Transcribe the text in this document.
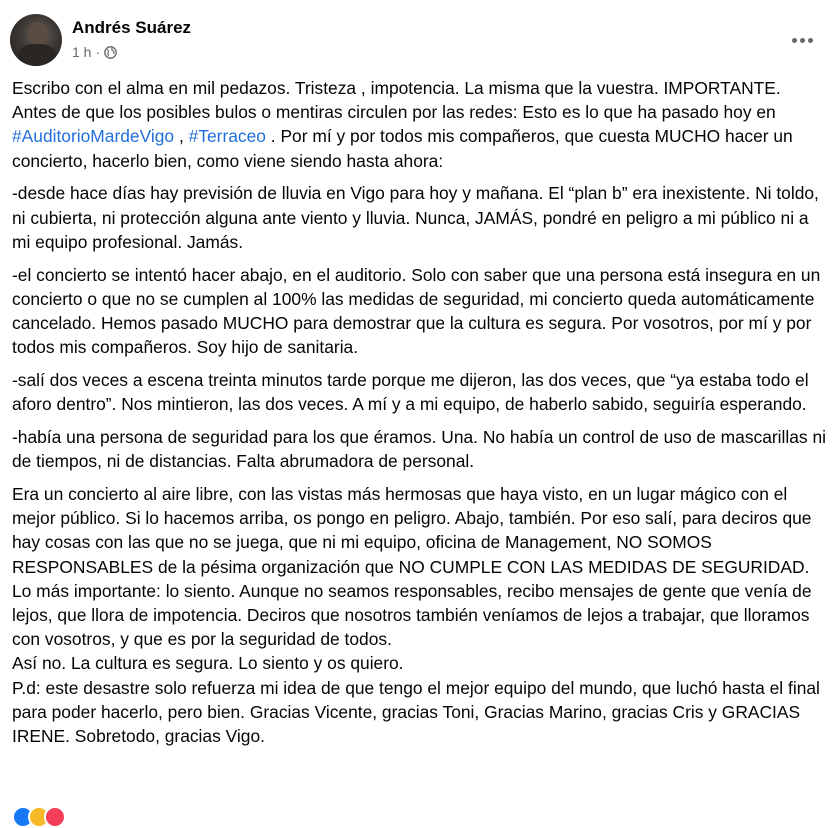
Andrés Suárez
1 h ·

Escribo con el alma en mil pedazos. Tristeza , impotencia. La misma que la vuestra. IMPORTANTE. Antes de que los posibles bulos o mentiras circulen por las redes: Esto es lo que ha pasado hoy en #AuditorioMardeVigo , #Terraceo . Por mí y por todos mis compañeros, que cuesta MUCHO hacer un concierto, hacerlo bien, como viene siendo hasta ahora:

-desde hace días hay previsión de lluvia en Vigo para hoy y mañana. El “plan b” era inexistente. Ni toldo, ni cubierta, ni protección alguna ante viento y lluvia. Nunca, JAMÁS, pondré en peligro a mi público ni a mi equipo profesional. Jamás.

-el concierto se intentó hacer abajo, en el auditorio. Solo con saber que una persona está insegura en un concierto o que no se cumplen al 100% las medidas de seguridad, mi concierto queda automáticamente cancelado. Hemos pasado MUCHO para demostrar que la cultura es segura. Por vosotros, por mí y por todos mis compañeros. Soy hijo de sanitaria.

-salí dos veces a escena treinta minutos tarde porque me dijeron, las dos veces, que “ya estaba todo el aforo dentro”. Nos mintieron, las dos veces. A mí y a mi equipo, de haberlo sabido, seguiría esperando.

-había una persona de seguridad para los que éramos. Una. No había un control de uso de mascarillas ni de tiempos, ni de distancias. Falta abrumadora de personal.

Era un concierto al aire libre, con las vistas más hermosas que haya visto, en un lugar mágico con el mejor público. Si lo hacemos arriba, os pongo en peligro. Abajo, también. Por eso salí, para deciros que hay cosas con las que no se juega, que ni mi equipo, oficina de Management, NO SOMOS RESPONSABLES de la pésima organización que NO CUMPLE CON LAS MEDIDAS DE SEGURIDAD.

Lo más importante: lo siento. Aunque no seamos responsables, recibo mensajes de gente que venía de lejos, que llora de impotencia. Deciros que nosotros también veníamos de lejos a trabajar, que lloramos con vosotros, y que es por la seguridad de todos.

Así no. La cultura es segura. Lo siento y os quiero.

P.d: este desastre solo refuerza mi idea de que tengo el mejor equipo del mundo, que luchó hasta el final para poder hacerlo, pero bien. Gracias Vicente, gracias Toni, Gracias Marino, gracias Cris y GRACIAS IRENE. Sobretodo, gracias Vigo.
